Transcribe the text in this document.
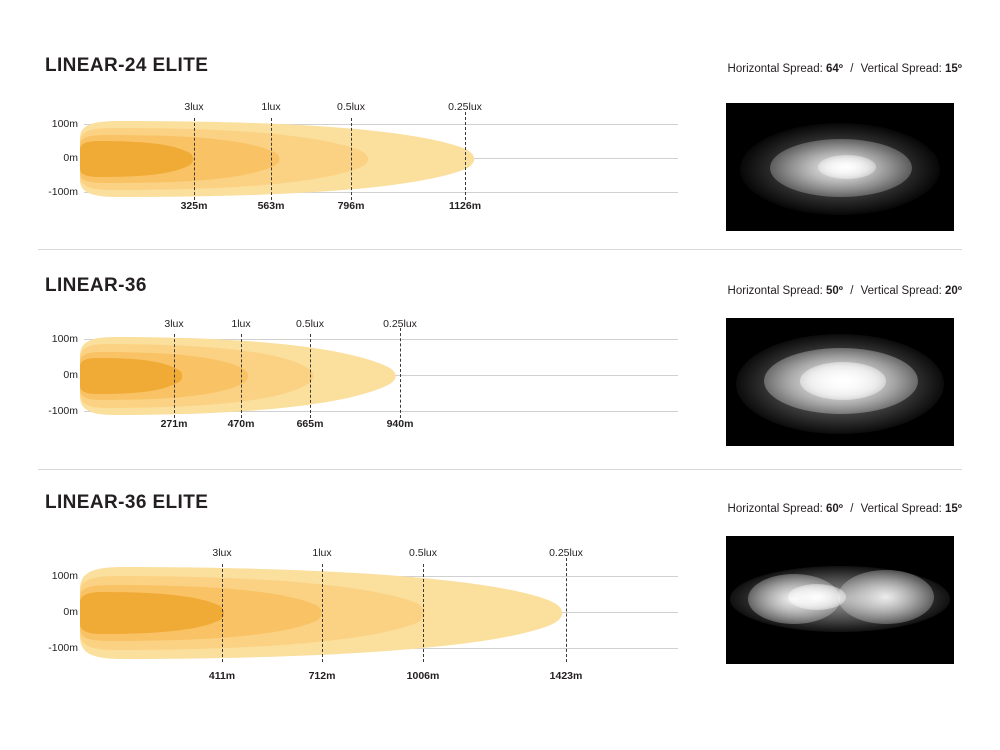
LINEAR-24 ELITE	Horizontal Spread: 64º / Vertical Spread: 15º
100m
0m
-100m
3lux
325m
1lux
563m
0.5lux
796m
0.25lux
1126m
LINEAR-36	Horizontal Spread: 50º / Vertical Spread: 20º
100m
0m
-100m
3lux
271m
1lux
470m
0.5lux
665m
0.25lux
940m
LINEAR-36 ELITE	Horizontal Spread: 60º / Vertical Spread: 15º
100m
0m
-100m
3lux
411m
1lux
712m
0.5lux
1006m
0.25lux
1423m
